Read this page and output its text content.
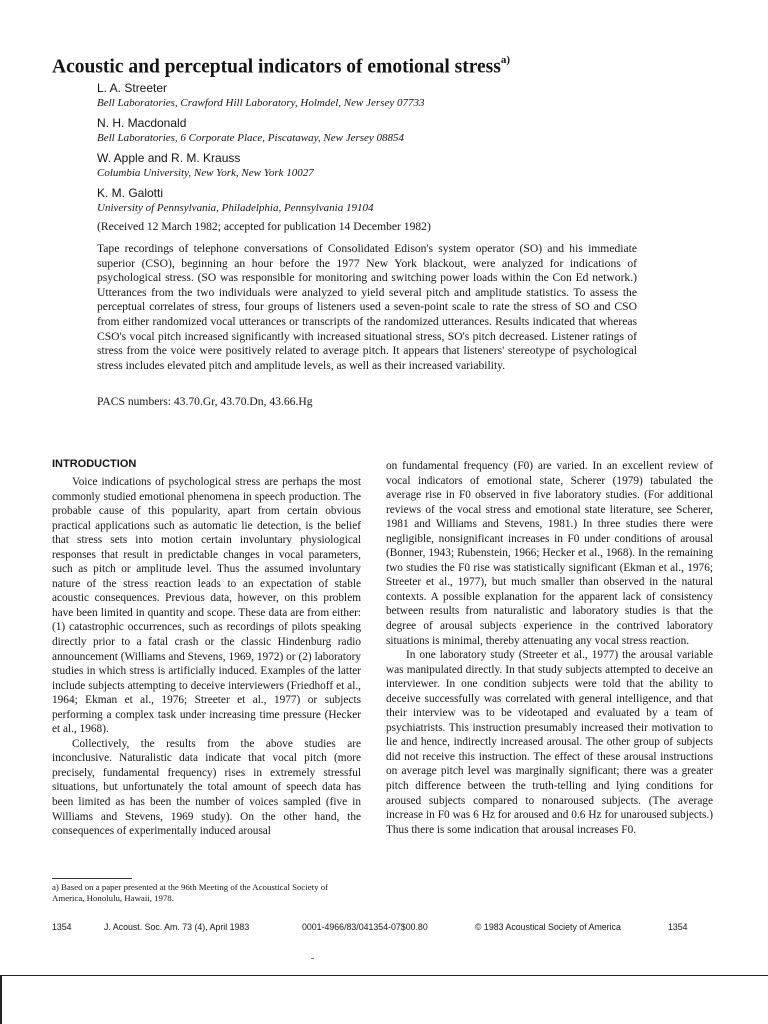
Acoustic and perceptual indicators of emotional stress$^{a)}$
L. A. Streeter
Bell Laboratories, Crawford Hill Laboratory, Holmdel, New Jersey 07733
N. H. Macdonald
Bell Laboratories, 6 Corporate Place, Piscataway, New Jersey 08854
W. Apple and R. M. Krauss
Columbia University, New York, New York 10027
K. M. Galotti
University of Pennsylvania, Philadelphia, Pennsylvania 19104
(Received 12 March 1982; accepted for publication 14 December 1982)

Tape recordings of telephone conversations of Consolidated Edison's system operator (SO) and his immediate superior (CSO), beginning an hour before the 1977 New York blackout, were analyzed for indications of psychological stress. (SO was responsible for monitoring and switching power loads within the Con Ed network.) Utterances from the two individuals were analyzed to yield several pitch and amplitude statistics. To assess the perceptual correlates of stress, four groups of listeners used a seven-point scale to rate the stress of SO and CSO from either randomized vocal utterances or transcripts of the randomized utterances. Results indicated that whereas CSO's vocal pitch increased significantly with increased situational stress, SO's pitch decreased. Listener ratings of stress from the voice were positively related to average pitch. It appears that listeners' stereotype of psychological stress includes elevated pitch and amplitude levels, as well as their increased variability.

PACS numbers: 43.70.Gr, 43.70.Dn, 43.66.Hg
INTRODUCTION

Voice indications of psychological stress are perhaps the most commonly studied emotional phenomena in speech production. The probable cause of this popularity, apart from certain obvious practical applications such as automatic lie detection, is the belief that stress sets into motion certain involuntary physiological responses that result in predictable changes in vocal parameters, such as pitch or amplitude level. Thus the assumed involuntary nature of the stress reaction leads to an expectation of stable acoustic consequences. Previous data, however, on this problem have been limited in quantity and scope. These data are from either: (1) catastrophic occurrences, such as recordings of pilots speaking directly prior to a fatal crash or the classic Hindenburg radio announcement (Williams and Stevens, 1969, 1972) or (2) laboratory studies in which stress is artificially induced. Examples of the latter include subjects attempting to deceive interviewers (Friedhoff et al., 1964; Ekman et al., 1976; Streeter et al., 1977) or subjects performing a complex task under increasing time pressure (Hecker et al., 1968).

Collectively, the results from the above studies are inconclusive. Naturalistic data indicate that vocal pitch (more precisely, fundamental frequency) rises in extremely stressful situations, but unfortunately the total amount of speech data has been limited as has been the number of voices sampled (five in Williams and Stevens, 1969 study). On the other hand, the consequences of experimentally induced arousal

on fundamental frequency (F0) are varied. In an excellent review of vocal indicators of emotional state, Scherer (1979) tabulated the average rise in F0 observed in five laboratory studies. (For additional reviews of the vocal stress and emotional state literature, see Scherer, 1981 and Williams and Stevens, 1981.) In three studies there were negligible, nonsignificant increases in F0 under conditions of arousal (Bonner, 1943; Rubenstein, 1966; Hecker et al., 1968). In the remaining two studies the F0 rise was statistically significant (Ekman et al., 1976; Streeter et al., 1977), but much smaller than observed in the natural contexts. A possible explanation for the apparent lack of consistency between results from naturalistic and laboratory studies is that the degree of arousal subjects experience in the contrived laboratory situations is minimal, thereby attenuating any vocal stress reaction.

In one laboratory study (Streeter et al., 1977) the arousal variable was manipulated directly. In that study subjects attempted to deceive an interviewer. In one condition subjects were told that the ability to deceive successfully was correlated with general intelligence, and that their interview was to be videotaped and evaluated by a team of psychiatrists. This instruction presumably increased their motivation to lie and hence, indirectly increased arousal. The other group of subjects did not receive this instruction. The effect of these arousal instructions on average pitch level was marginally significant; there was a greater pitch difference between the truth-telling and lying conditions for aroused subjects compared to nonaroused subjects. (The average increase in F0 was 6 Hz for aroused and 0.6 Hz for unaroused subjects.) Thus there is some indication that arousal increases F0.

a) Based on a paper presented at the 96th Meeting of the Acoustical Society of America, Honolulu, Hawaii, 1978.
1354	J. Acoust. Soc. Am. 73 (4), April 1983	0001-4966/83/041354-07$00.80	© 1983 Acoustical Society of America	1354
